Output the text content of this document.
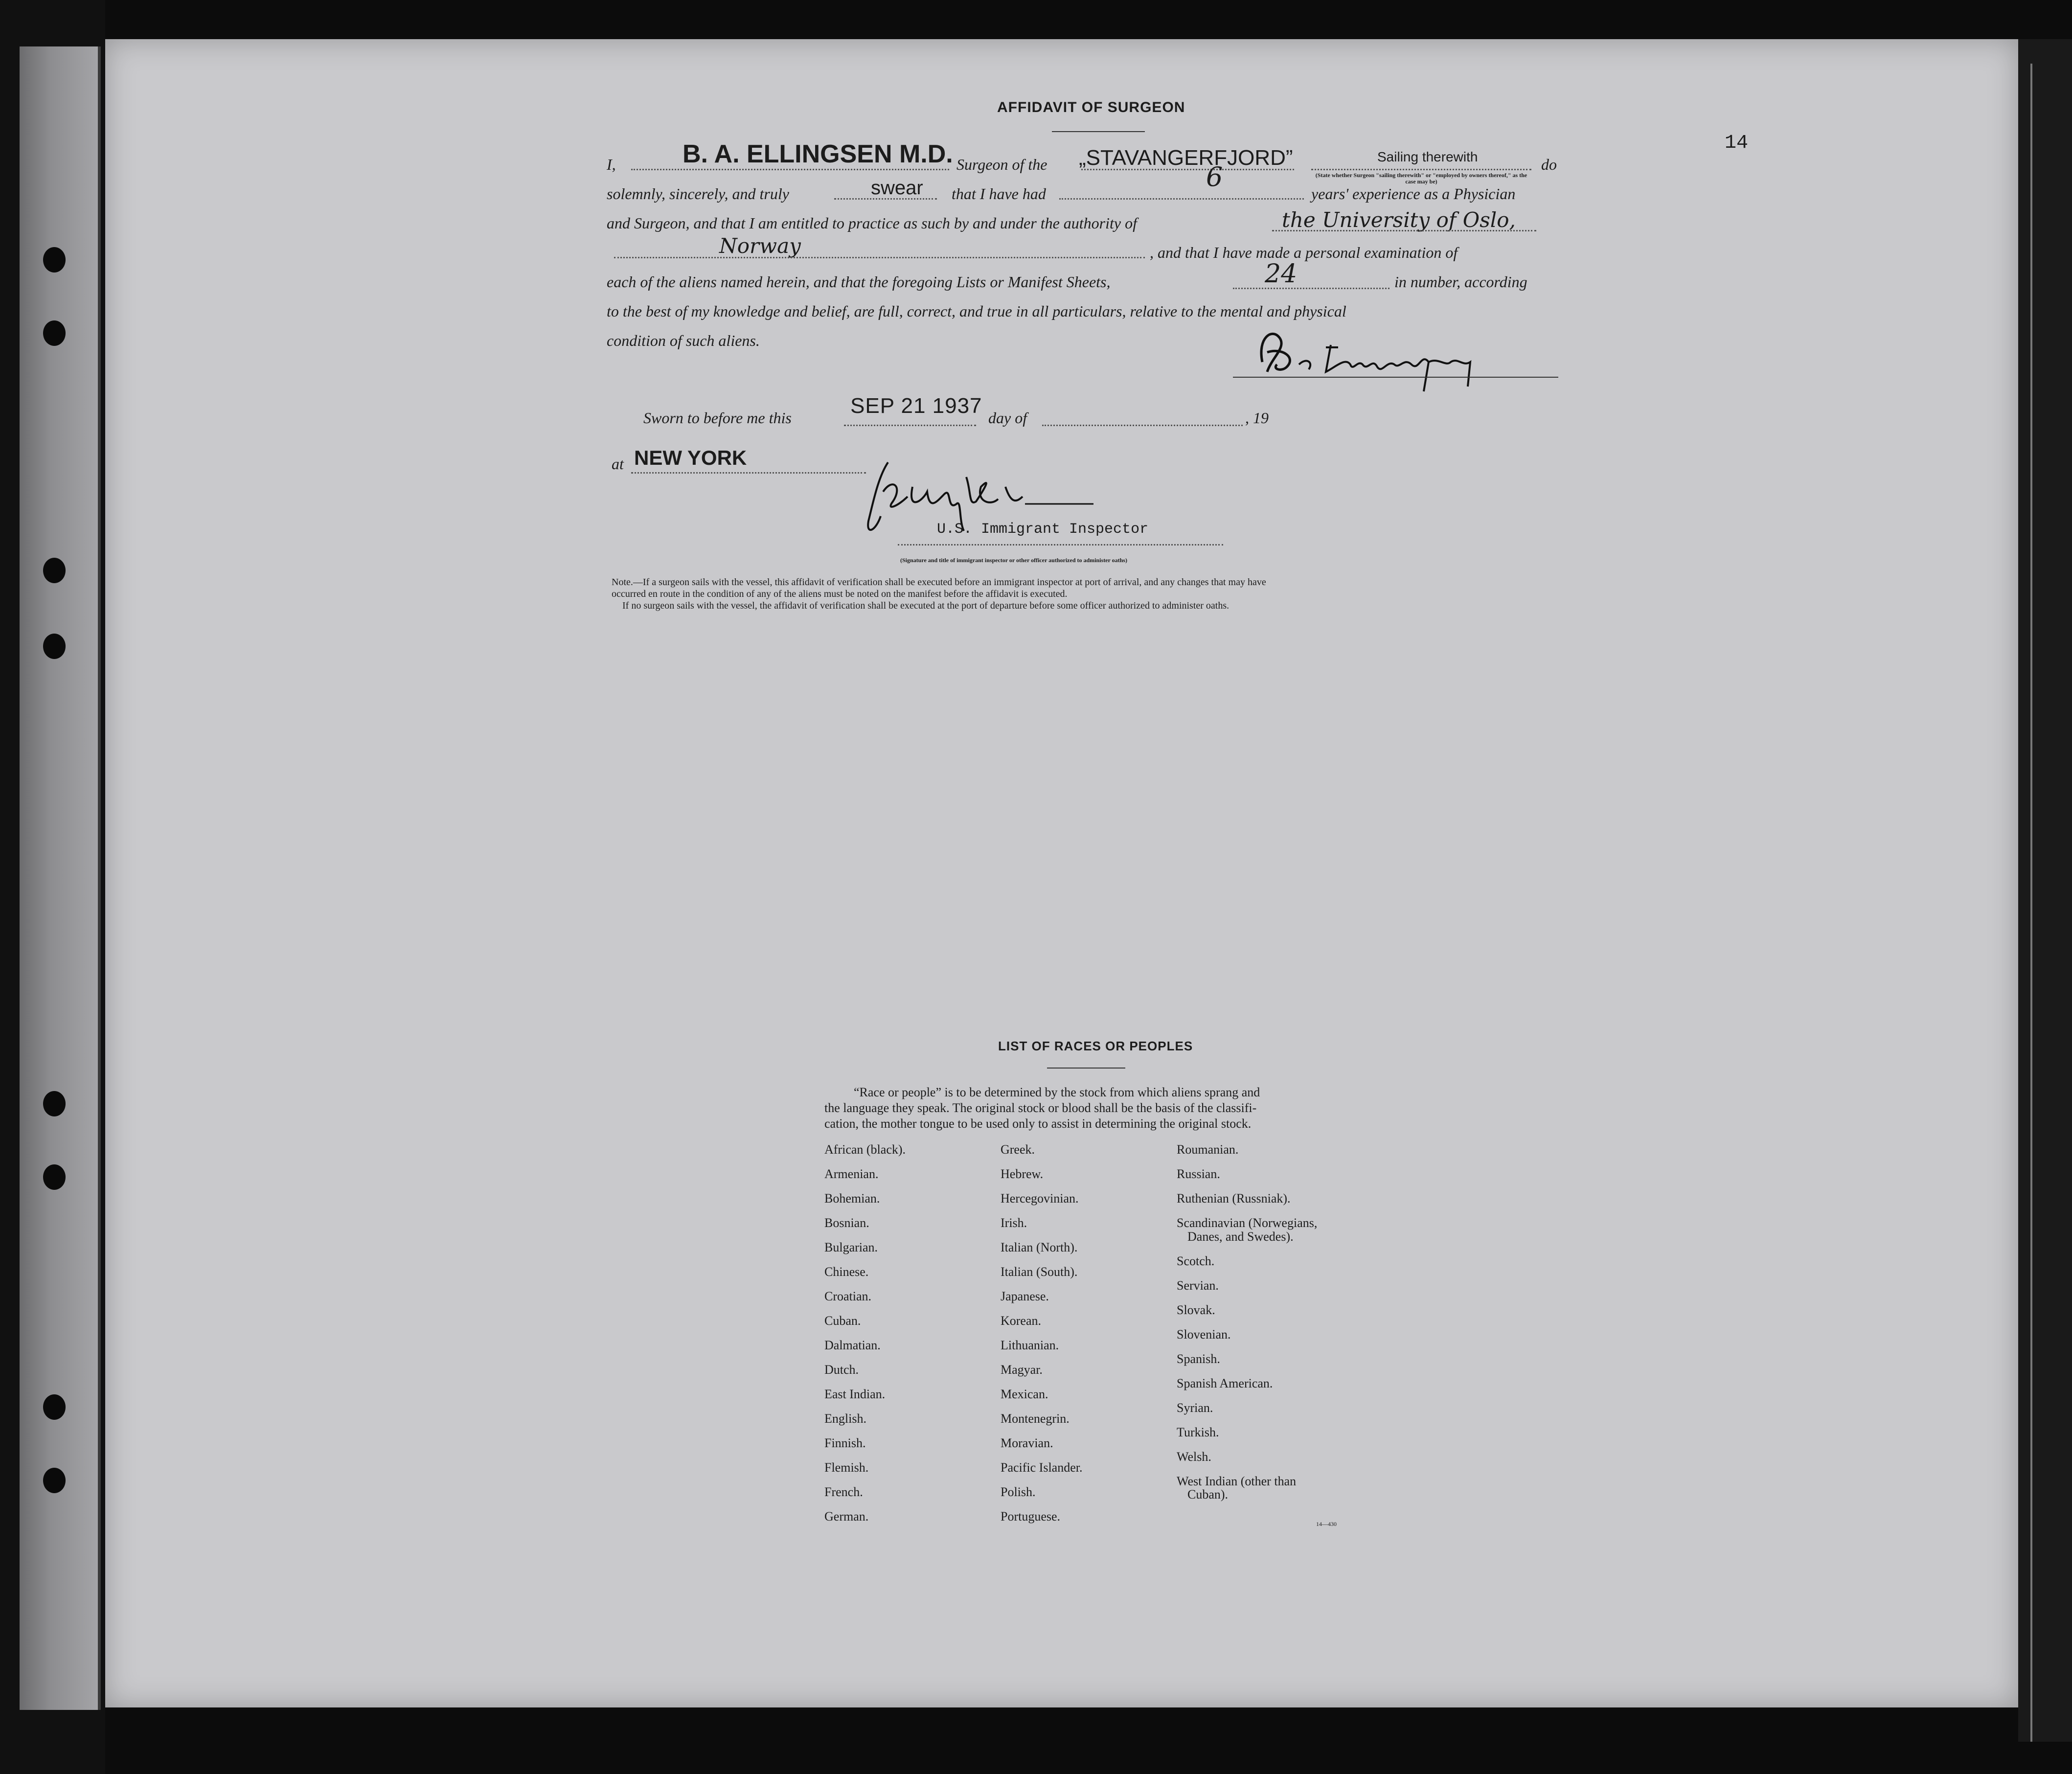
14
AFFIDAVIT OF SURGEON
I,	B. A. ELLINGSEN M.D. Surgeon of the „STAVANGERFJORD”	Sailing therewith
(State whether Surgeon "sailing therewith" or "employed by owners thereof," as the case may be)
do
solemnly, sincerely, and truly	swear that I have had
6
years' experience as a Physician
and Surgeon, and that I am entitled to practice as such by and under the authority of	the University of Oslo,
Norway	, and that I have made a personal examination of
each of the aliens named herein, and that the foregoing Lists or Manifest Sheets,	24	in number, according
to the best of my knowledge and belief, are full, correct, and true in all particulars, relative to the mental and physical
condition of such aliens.
Sworn to before me this	SEP 21 1937 day of	, 19
at NEW YORK
U.S. Immigrant Inspector
(Signature and title of immigrant inspector or other officer authorized to administer oaths)
Note.—If a surgeon sails with the vessel, this affidavit of verification shall be executed before an immigrant inspector at port of arrival, and any changes that may have
occurred en route in the condition of any of the aliens must be noted on the manifest before the affidavit is executed.
If no surgeon sails with the vessel, the affidavit of verification shall be executed at the port of departure before some officer authorized to administer oaths.
LIST OF RACES OR PEOPLES
“Race or people” is to be determined by the stock from which aliens sprang and
the language they speak. The original stock or blood shall be the basis of the classifi-
cation, the mother tongue to be used only to assist in determining the original stock.
African (black).
Armenian.
Bohemian.
Bosnian.
Bulgarian.
Chinese.
Croatian.
Cuban.
Dalmatian.
Dutch.
East Indian.
English.
Finnish.
Flemish.
French.
German.
Greek.
Hebrew.
Hercegovinian.
Irish.
Italian (North).
Italian (South).
Japanese.
Korean.
Lithuanian.
Magyar.
Mexican.
Montenegrin.
Moravian.
Pacific Islander.
Polish.
Portuguese.
Roumanian.
Russian.
Ruthenian (Russniak).
Scandinavian (Norwegians,
Danes, and Swedes).
Scotch.
Servian.
Slovak.
Slovenian.
Spanish.
Spanish American.
Syrian.
Turkish.
Welsh.
West Indian (other than
Cuban).
14—430
